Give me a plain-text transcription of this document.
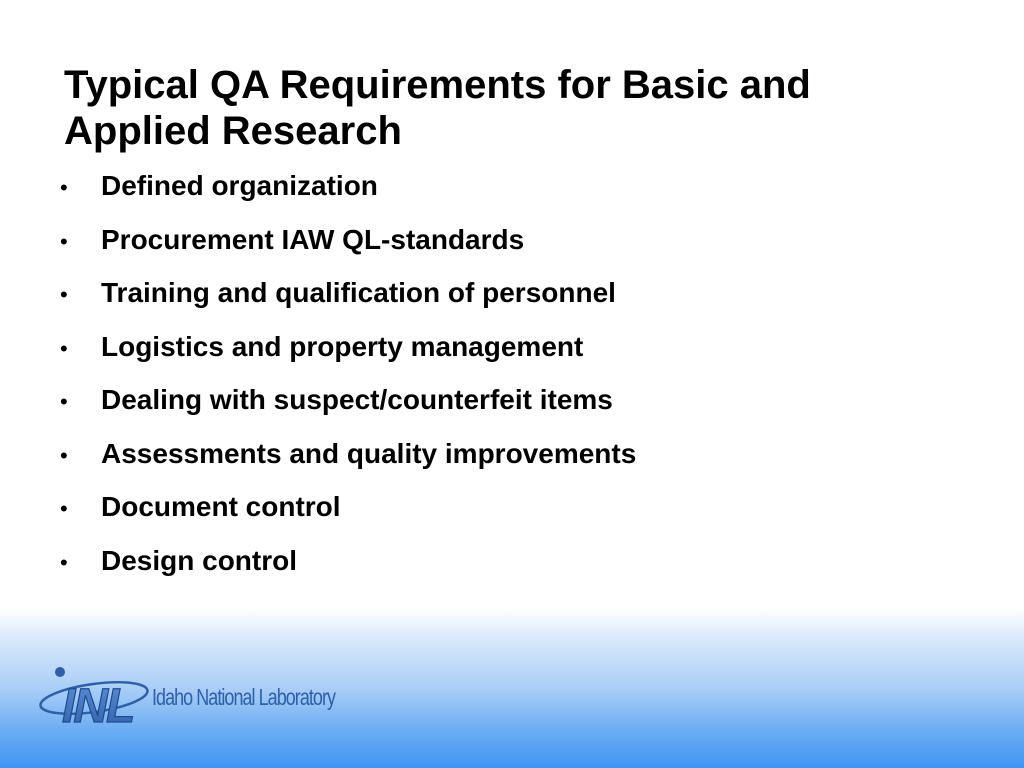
Typical QA Requirements for Basic and Applied Research
•	Defined organization
•	Procurement IAW QL-standards
•	Training and qualification of personnel
•	Logistics and property management
•	Dealing with suspect/counterfeit items
•	Assessments and quality improvements
•	Document control
•	Design control
INL Idaho National Laboratory
